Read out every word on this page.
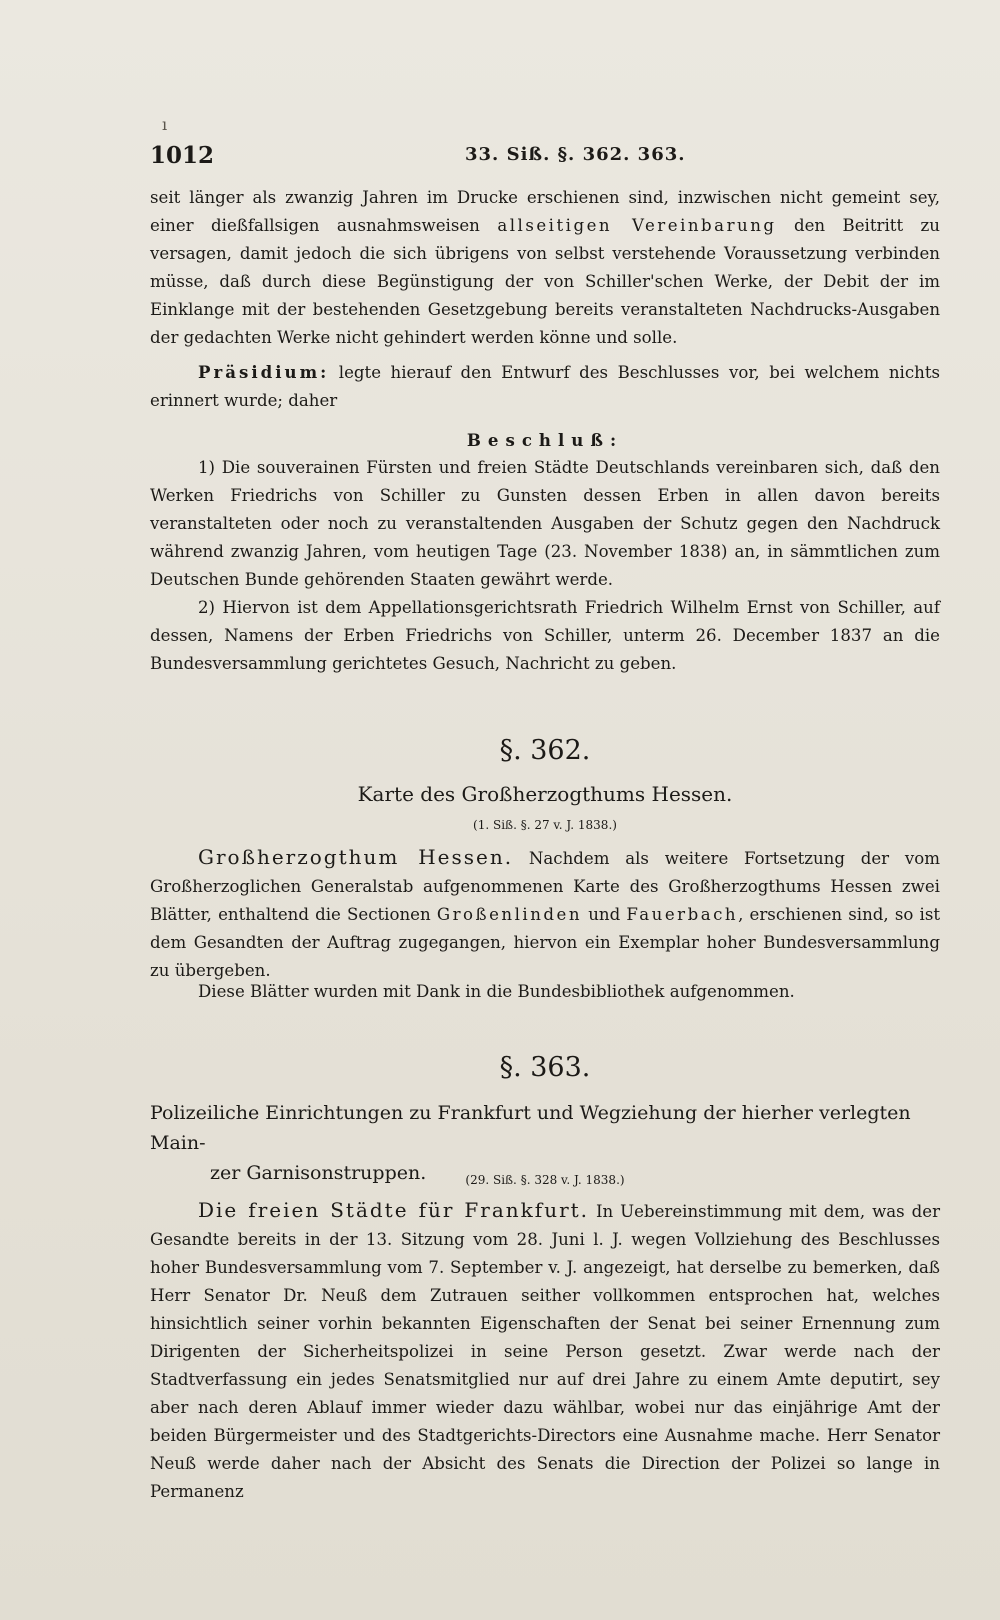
ı
1012	33. Siß. §. 362. 363.

seit länger als zwanzig Jahren im Drucke erschienen sind, inzwischen nicht gemeint sey, einer dießfallsigen ausnahmsweisen allseitigen Vereinbarung den Beitritt zu versagen, damit jedoch die sich übrigens von selbst verstehende Voraussetzung verbinden müsse, daß durch diese Begünstigung der von Schiller'schen Werke, der Debit der im Einklange mit der bestehenden Gesetzgebung bereits veranstalteten Nachdrucks-Ausgaben der gedachten Werke nicht gehindert werden könne und solle.

Präsidium: legte hierauf den Entwurf des Beschlusses vor, bei welchem nichts erinnert wurde; daher

Beschluß:

1) Die souverainen Fürsten und freien Städte Deutschlands vereinbaren sich, daß den Werken Friedrichs von Schiller zu Gunsten dessen Erben in allen davon bereits veranstalteten oder noch zu veranstaltenden Ausgaben der Schutz gegen den Nachdruck während zwanzig Jahren, vom heutigen Tage (23. November 1838) an, in sämmtlichen zum Deutschen Bunde gehörenden Staaten gewährt werde.

2) Hiervon ist dem Appellationsgerichtsrath Friedrich Wilhelm Ernst von Schiller, auf dessen, Namens der Erben Friedrichs von Schiller, unterm 26. December 1837 an die Bundesversammlung gerichtetes Gesuch, Nachricht zu geben.

§. 362.
Karte des Großherzogthums Hessen.
(1. Siß. §. 27 v. J. 1838.)

Großherzogthum Hessen. Nachdem als weitere Fortsetzung der vom Großherzoglichen Generalstab aufgenommenen Karte des Großherzogthums Hessen zwei Blätter, enthaltend die Sectionen Großenlinden und Fauerbach, erschienen sind, so ist dem Gesandten der Auftrag zugegangen, hiervon ein Exemplar hoher Bundesversammlung zu übergeben.

Diese Blätter wurden mit Dank in die Bundesbibliothek aufgenommen.

§. 363.
Polizeiliche Einrichtungen zu Frankfurt und Wegziehung der hierher verlegten Main-
zer Garnisonstruppen.	(29. Siß. §. 328 v. J. 1838.)

Die freien Städte für Frankfurt. In Uebereinstimmung mit dem, was der Gesandte bereits in der 13. Sitzung vom 28. Juni l. J. wegen Vollziehung des Beschlusses hoher Bundesversammlung vom 7. September v. J. angezeigt, hat derselbe zu bemerken, daß Herr Senator Dr. Neuß dem Zutrauen seither vollkommen entsprochen hat, welches hinsichtlich seiner vorhin bekannten Eigenschaften der Senat bei seiner Ernennung zum Dirigenten der Sicherheitspolizei in seine Person gesetzt. Zwar werde nach der Stadtverfassung ein jedes Senatsmitglied nur auf drei Jahre zu einem Amte deputirt, sey aber nach deren Ablauf immer wieder dazu wählbar, wobei nur das einjährige Amt der beiden Bürgermeister und des Stadtgerichts-Directors eine Ausnahme mache. Herr Senator Neuß werde daher nach der Absicht des Senats die Direction der Polizei so lange in Permanenz
